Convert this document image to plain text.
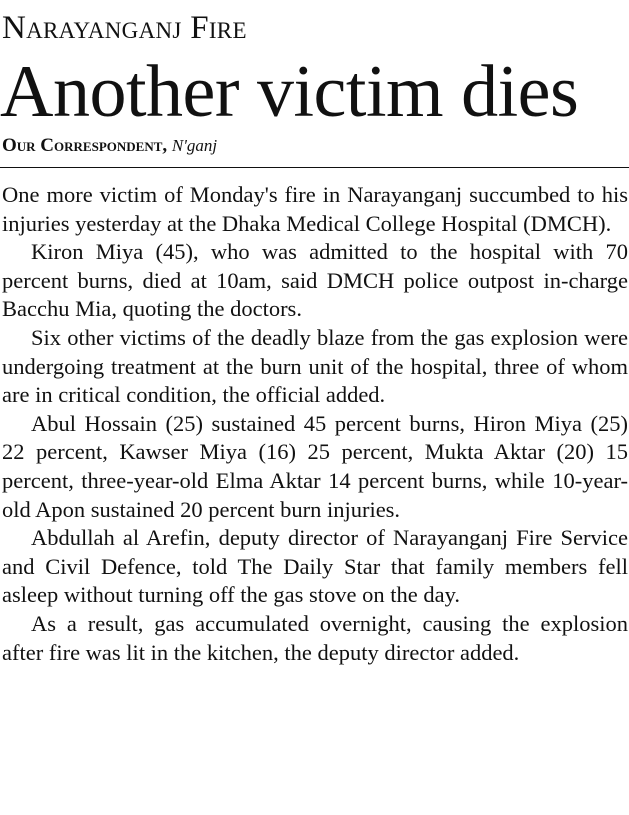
Narayanganj Fire
Another victim dies
Our Correspondent, N'ganj

One more victim of Monday's fire in Narayanganj succumbed to his injuries yesterday at the Dhaka Medical College Hospital (DMCH).

Kiron Miya (45), who was admitted to the hospital with 70 percent burns, died at 10am, said DMCH police outpost in-charge Bacchu Mia, quoting the doctors.

Six other victims of the deadly blaze from the gas explosion were undergoing treatment at the burn unit of the hospital, three of whom are in critical condition, the official added.

Abul Hossain (25) sustained 45 percent burns, Hiron Miya (25) 22 percent, Kawser Miya (16) 25 percent, Mukta Aktar (20) 15 percent, three-year-old Elma Aktar 14 percent burns, while 10-year-old Apon sustained 20 percent burn injuries.

Abdullah al Arefin, deputy director of Narayanganj Fire Service and Civil Defence, told The Daily Star that family members fell asleep without turning off the gas stove on the day.

As a result, gas accumulated overnight, causing the explosion after fire was lit in the kitchen, the deputy director added.
